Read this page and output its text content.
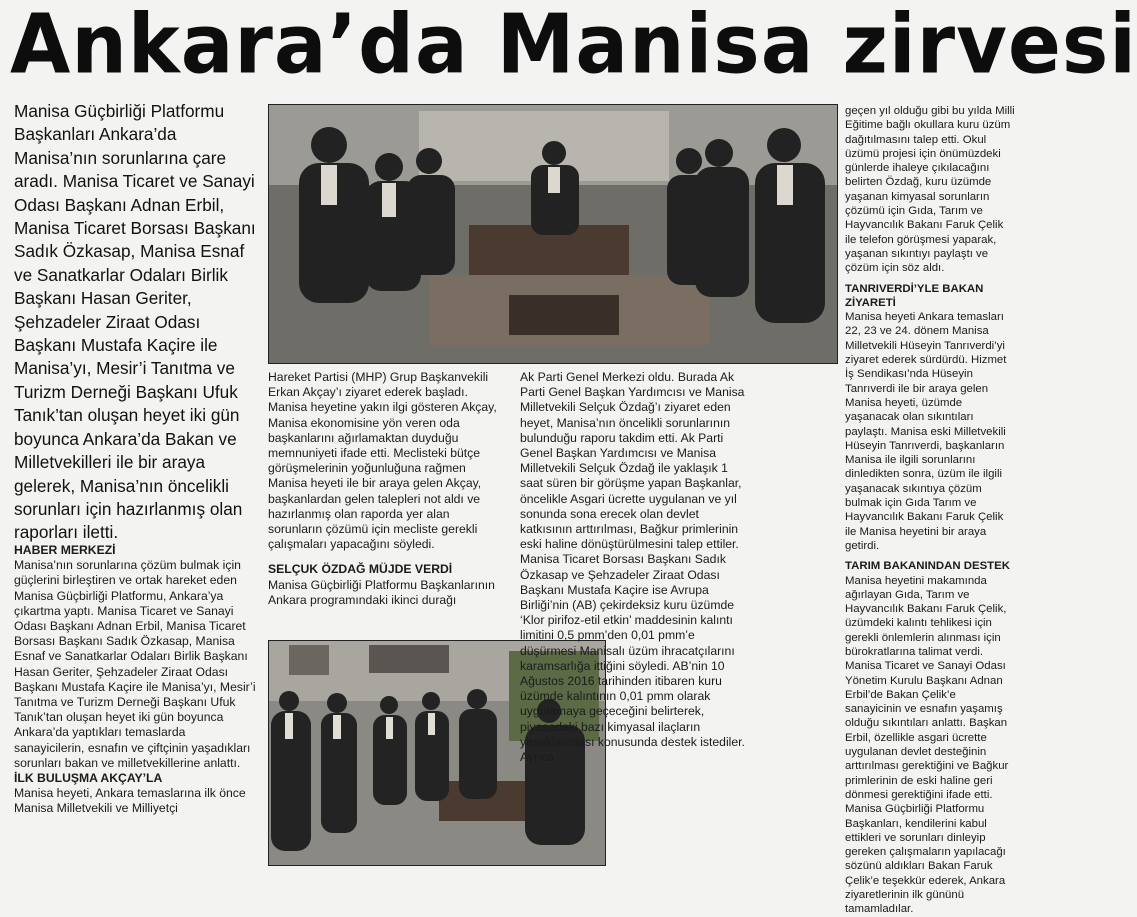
Ankara’da Manisa zirvesi
Manisa Güçbirliği Platformu Başkanları Ankara’da Manisa’nın sorunlarına çare aradı. Manisa Ticaret ve Sanayi Odası Başkanı Adnan Erbil, Manisa Ticaret Borsası Başkanı Sadık Özkasap, Manisa Esnaf ve Sanatkarlar Odaları Birlik Başkanı Hasan Geriter, Şehzadeler Ziraat Odası Başkanı Mustafa Kaçire ile Manisa’yı, Mesir’i Tanıtma ve Turizm Derneği Başkanı Ufuk Tanık’tan oluşan heyet iki gün boyunca Ankara’da Bakan ve Milletvekilleri ile bir araya gelerek, Manisa’nın öncelikli sorunları için hazırlanmış olan raporları iletti.

HABER MERKEZİ

Manisa’nın sorunlarına çözüm bulmak için güçlerini birleştiren ve ortak hareket eden Manisa Güçbirliği Platformu, Ankara’ya çıkartma yaptı. Manisa Ticaret ve Sanayi Odası Başkanı Adnan Erbil, Manisa Ticaret Borsası Başkanı Sadık Özkasap, Manisa Esnaf ve Sanatkarlar Odaları Birlik Başkanı Hasan Geriter, Şehzadeler Ziraat Odası Başkanı Mustafa Kaçire ile Manisa’yı, Mesir’i Tanıtma ve Turizm Derneği Başkanı Ufuk Tanık’tan oluşan heyet iki gün boyunca Ankara’da yaptıkları temaslarda sanayicilerin, esnafın ve çiftçinin yaşadıkları sorunları bakan ve milletvekillerine anlattı.

İLK BULUŞMA AKÇAY’LA

Manisa heyeti, Ankara temaslarına ilk önce Manisa Milletvekili ve Milliyetçi

Hareket Partisi (MHP) Grup Başkanvekili Erkan Akçay’ı ziyaret ederek başladı. Manisa heyetine yakın ilgi gösteren Akçay, Manisa ekonomisine yön veren oda başkanlarını ağırlamaktan duyduğu memnuniyeti ifade etti. Meclisteki bütçe görüşmelerinin yoğunluğuna rağmen Manisa heyeti ile bir araya gelen Akçay, başkanlardan gelen talepleri not aldı ve hazırlanmış olan raporda yer alan sorunların çözümü için mecliste gerekli çalışmaları yapacağını söyledi.

SELÇUK ÖZDAĞ MÜJDE VERDİ

Manisa Güçbirliği Platformu Başkanlarının Ankara programındaki ikinci durağı

Ak Parti Genel Merkezi oldu. Burada Ak Parti Genel Başkan Yardımcısı ve Manisa Milletvekili Selçuk Özdağ’ı ziyaret eden heyet, Manisa’nın öncelikli sorunlarının bulunduğu raporu takdim etti. Ak Parti Genel Başkan Yardımcısı ve Manisa Milletvekili Selçuk Özdağ ile yaklaşık 1 saat süren bir görüşme yapan Başkanlar, öncelikle Asgari ücrette uygulanan ve yıl sonunda sona erecek olan devlet katkısının arttırılması, Bağkur primlerinin eski haline dönüştürülmesini talep ettiler. Manisa Ticaret Borsası Başkanı Sadık Özkasap ve Şehzadeler Ziraat Odası Başkanı Mustafa Kaçire ise Avrupa Birliği’nin (AB) çekirdeksiz kuru üzümde ‘Klor pirifoz-etil etkin’ maddesinin kalıntı limitini 0,5 pmm’den 0,01 pmm’e düşürmesi Manisalı üzüm ihracatçılarını karamsarlığa ittiğini söyledi. AB’nin 10 Ağustos 2016 tarihinden itibaren kuru üzümde kalıntının 0,01 pmm olarak uygulamaya geçeceğini belirterek, piyasadaki bazı kimyasal ilaçların yasaklanması konusunda destek istediler. Ayrıca

geçen yıl olduğu gibi bu yılda Milli Eğitime bağlı okullara kuru üzüm dağıtılmasını talep etti. Okul üzümü projesi için önümüzdeki günlerde ihaleye çıkılacağını belirten Özdağ, kuru üzümde yaşanan kimyasal sorunların çözümü için Gıda, Tarım ve Hayvancılık Bakanı Faruk Çelik ile telefon görüşmesi yaparak, yaşanan sıkıntıyı paylaştı ve çözüm için söz aldı.

TANRIVERDİ’YLE BAKAN ZİYARETİ

Manisa heyeti Ankara temasları 22, 23 ve 24. dönem Manisa Milletvekili Hüseyin Tanrıverdi’yi ziyaret ederek sürdürdü. Hizmet İş Sendikası’nda Hüseyin Tanrıverdi ile bir araya gelen Manisa heyeti, üzümde yaşanacak olan sıkıntıları paylaştı. Manisa eski Milletvekili Hüseyin Tanrıverdi, başkanların Manisa ile ilgili sorunlarını dinledikten sonra, üzüm ile ilgili yaşanacak sıkıntıya çözüm bulmak için Gıda Tarım ve Hayvancılık Bakanı Faruk Çelik ile Manisa heyetini bir araya getirdi.

TARIM BAKANINDAN DESTEK

Manisa heyetini makamında ağırlayan Gıda, Tarım ve Hayvancılık Bakanı Faruk Çelik, üzümdeki kalıntı tehlikesi için gerekli önlemlerin alınması için bürokratlarına talimat verdi. Manisa Ticaret ve Sanayi Odası Yönetim Kurulu Başkanı Adnan Erbil’de Bakan Çelik’e sanayicinin ve esnafın yaşamış olduğu sıkıntıları anlattı. Başkan Erbil, özellikle asgari ücrette uygulanan devlet desteğinin arttırılması gerektiğini ve Bağkur primlerinin de eski haline geri dönmesi gerektiğini ifade etti. Manisa Güçbirliği Platformu Başkanları, kendilerini kabul ettikleri ve sorunları dinleyip gereken çalışmaların yapılacağı sözünü aldıkları Bakan Faruk Çelik’e teşekkür ederek, Ankara ziyaretlerinin ilk gününü tamamladılar.
